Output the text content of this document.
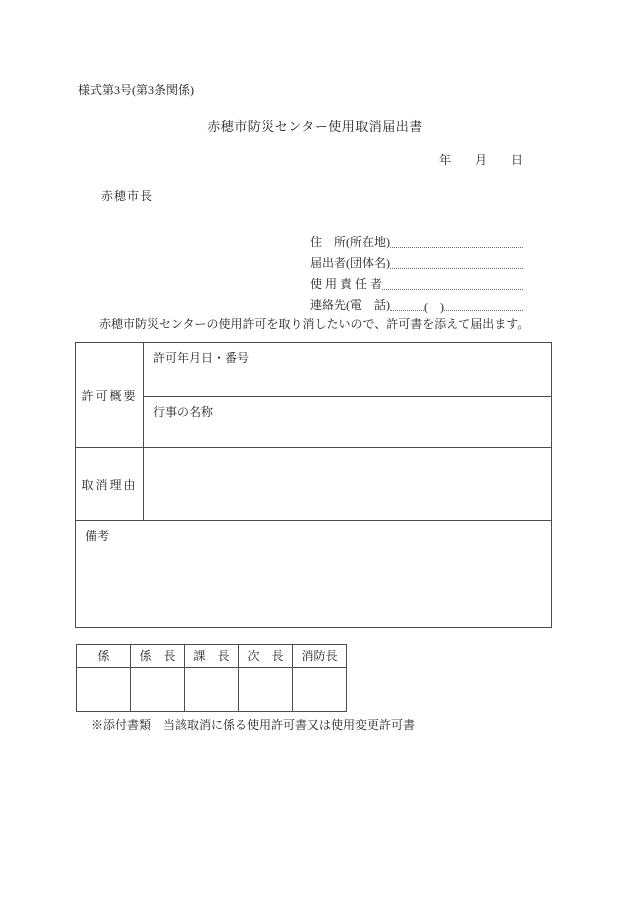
様式第3号(第3条関係)
赤穂市防災センター使用取消届出書
年　　月　　日
赤穂市長
住　所(所在地)
届出者(団体名)
使 用 責 任 者
連絡先(電　話)	(　)
赤穂市防災センターの使用許可を取り消したいので、許可書を添えて届出ます。
許可概要	許可年月日・番号
	行事の名称
取消理由	
備考	
係	係　長	課　長	次　長	消防長

※添付書類　当該取消に係る使用許可書又は使用変更許可書
